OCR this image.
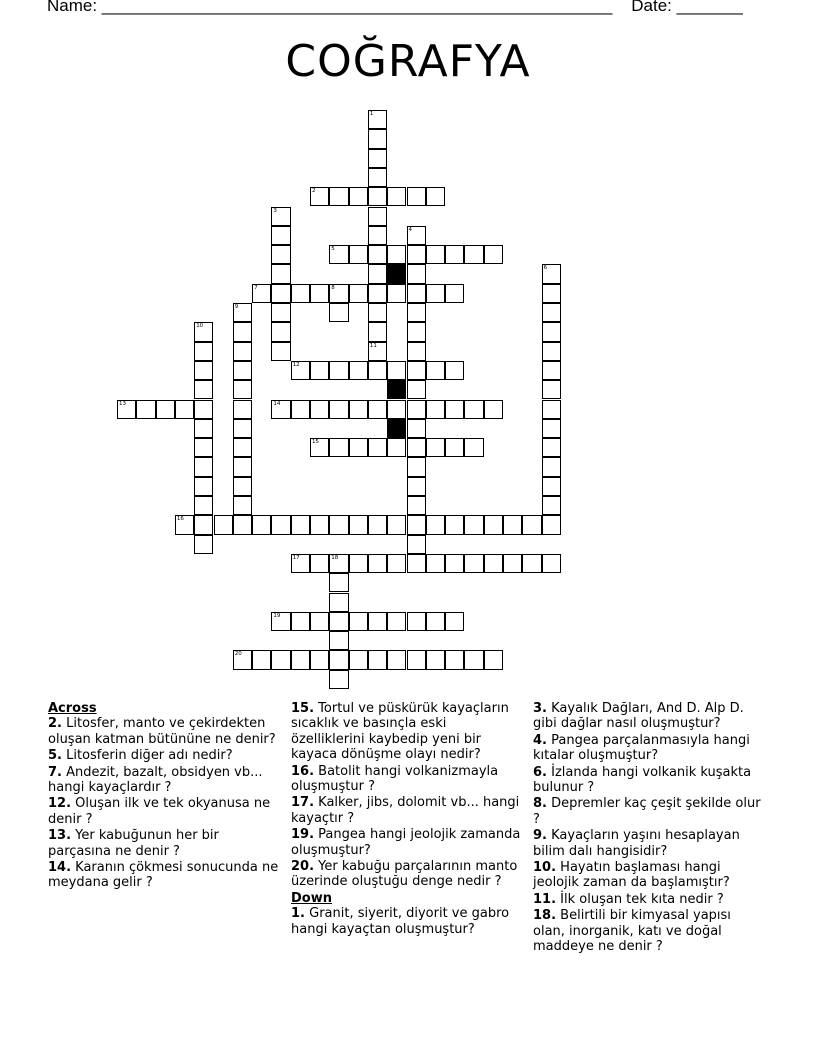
Name: ______________________________________________________    Date: _______
COĞRAFYA
1
2
3
4
5
6
7	8
9
10
11
12
13	14
15
16
17	18
19
20
Across
2. Litosfer, manto ve çekirdekten oluşan katman bütününe ne denir?
5. Litosferin diğer adı nedir?
7. Andezit, bazalt, obsidyen vb... hangi kayaçlardır ?
12. Oluşan ilk ve tek okyanusa ne denir ?
13. Yer kabuğunun her bir parçasına ne denir ?
14. Karanın çökmesi sonucunda ne meydana gelir ?
15. Tortul ve püskürük kayaçların sıcaklık ve basınçla eski özelliklerini kaybedip yeni bir kayaca dönüşme olayı nedir?
16. Batolit hangi volkanizmayla oluşmuştur ?
17. Kalker, jibs, dolomit vb... hangi kayaçtır ?
19. Pangea hangi jeolojik zamanda oluşmuştur?
20. Yer kabuğu parçalarının manto üzerinde oluştuğu denge nedir ?
Down
1. Granit, siyerit, diyorit ve gabro hangi kayaçtan oluşmuştur?
3. Kayalık Dağları, And D. Alp D. gibi dağlar nasıl oluşmuştur?
4. Pangea parçalanmasıyla hangi kıtalar oluşmuştur?
6. İzlanda hangi volkanik kuşakta bulunur ?
8. Depremler kaç çeşit şekilde olur ?
9. Kayaçların yaşını hesaplayan bilim dalı hangisidir?
10. Hayatın başlaması hangi jeolojik zaman da başlamıştır?
11. İlk oluşan tek kıta nedir ?
18. Belirtili bir kimyasal yapısı olan, inorganik, katı ve doğal maddeye ne denir ?
